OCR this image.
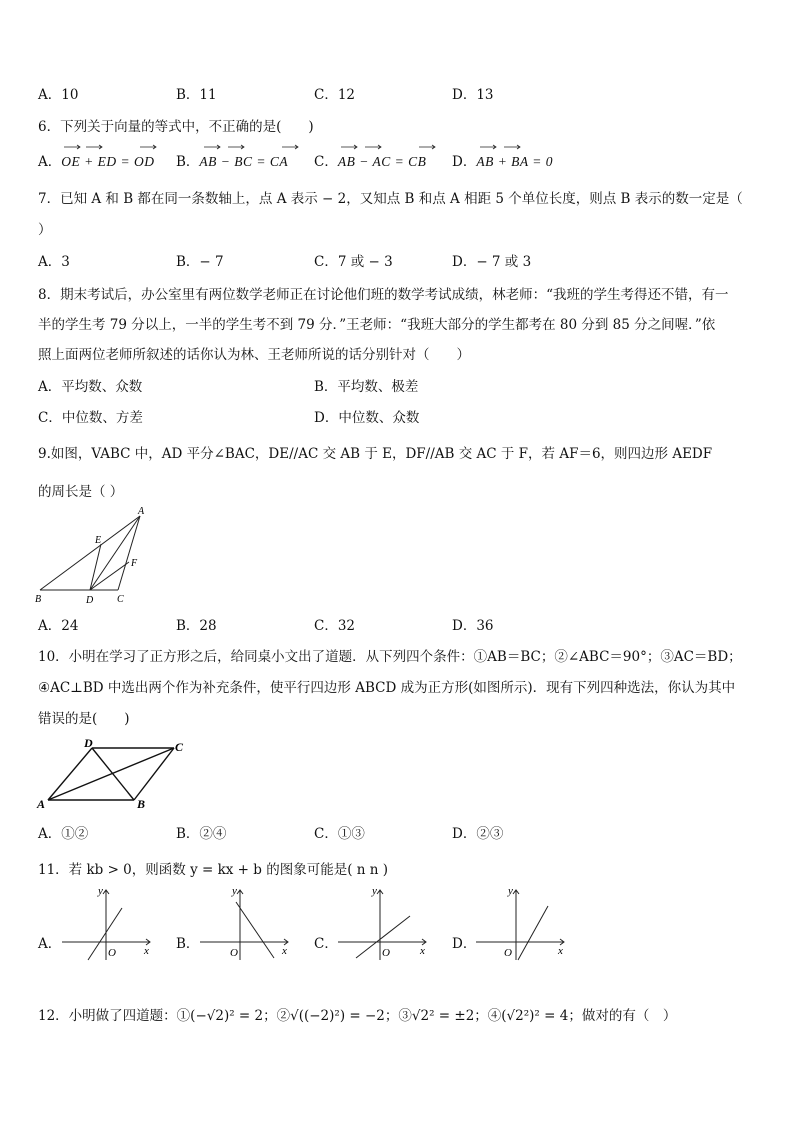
A．10	B．11	C．12	D．13
6．下列关于向量的等式中，不正确的是(　　)
A．OE + ED = OD B．AB − BC = CA C．AB − AC = CB D．AB + BA = 0
7．已知 A 和 B 都在同一条数轴上，点 A 表示 − 2，又知点 B 和点 A 相距 5 个单位长度，则点 B 表示的数一定是（
）
A．3	B．− 7	C．7 或 − 3	D．− 7 或 3
8．期末考试后，办公室里有两位数学老师正在讨论他们班的数学考试成绩，林老师：“我班的学生考得还不错，有一
半的学生考 79 分以上，一半的学生考不到 79 分．”王老师：“我班大部分的学生都考在 80 分到 85 分之间喔．”依
照上面两位老师所叙述的话你认为林、王老师所说的话分别针对（　　）
A．平均数、众数	B．平均数、极差
C．中位数、方差	D．中位数、众数
9.如图，VABC 中，AD 平分∠BAC，DE//AC 交 AB 于 E，DF//AB 交 AC 于 F，若 AF＝6，则四边形 AEDF
的周长是（ ）
A
B	C
D
E
F
A．24	B．28	C．32	D．36
10．小明在学习了正方形之后，给同桌小文出了道题．从下列四个条件：①AB＝BC；②∠ABC＝90°；③AC＝BD；
④AC⊥BD 中选出两个作为补充条件，使平行四边形 ABCD 成为正方形(如图所示)．现有下列四种选法，你认为其中
错误的是(　　)
A	B
C
D
A．①②	B．②④	C．①③	D．②③
11．若 kb > 0，则函数 y = kx + b 的图象可能是( n n )
A．
y
x
O
B．
y
x
O
C．
y
x
O
D．
y
x
O
12．小明做了四道题：①(−√2)² = 2；②√((−2)²) = −2；③√2² = ±2；④(√2²)² = 4；做对的有（　）
